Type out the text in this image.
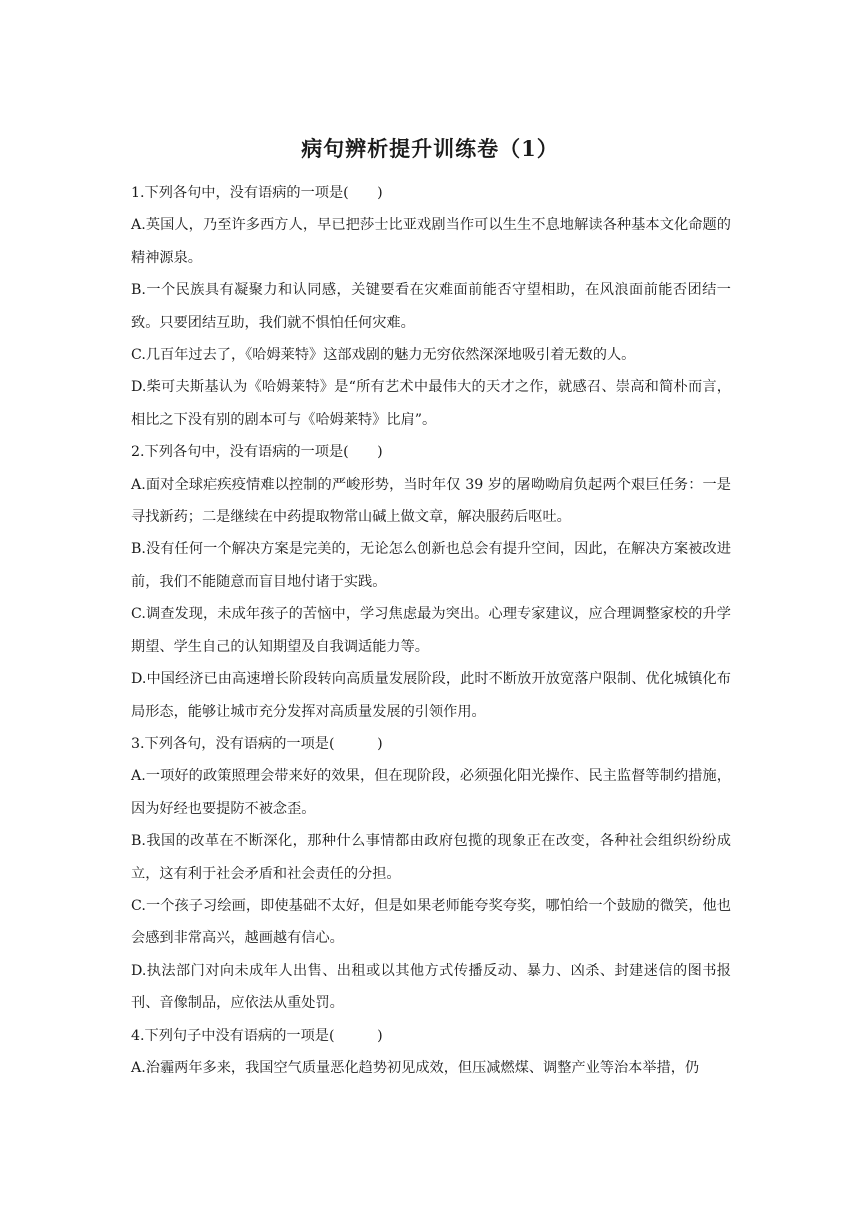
病句辨析提升训练卷（1）

1.下列各句中，没有语病的一项是(　　)

A.英国人，乃至许多西方人，早已把莎士比亚戏剧当作可以生生不息地解读各种基本文化命题的精神源泉。

B.一个民族具有凝聚力和认同感，关键要看在灾难面前能否守望相助，在风浪面前能否团结一致。只要团结互助，我们就不惧怕任何灾难。

C.几百年过去了，《哈姆莱特》这部戏剧的魅力无穷依然深深地吸引着无数的人。

D.柴可夫斯基认为《哈姆莱特》是“所有艺术中最伟大的天才之作，就感召、崇高和简朴而言，相比之下没有别的剧本可与《哈姆莱特》比肩”。

2.下列各句中，没有语病的一项是(　　)

A.面对全球疟疾疫情难以控制的严峻形势，当时年仅 39 岁的屠呦呦肩负起两个艰巨任务：一是寻找新药；二是继续在中药提取物常山碱上做文章，解决服药后呕吐。

B.没有任何一个解决方案是完美的，无论怎么创新也总会有提升空间，因此，在解决方案被改进前，我们不能随意而盲目地付诸于实践。

C.调查发现，未成年孩子的苦恼中，学习焦虑最为突出。心理专家建议，应合理调整家校的升学期望、学生自己的认知期望及自我调适能力等。

D.中国经济已由高速增长阶段转向高质量发展阶段，此时不断放开放宽落户限制、优化城镇化布局形态，能够让城市充分发挥对高质量发展的引领作用。

3.下列各句，没有语病的一项是(　　　)

A.一项好的政策照理会带来好的效果，但在现阶段，必须强化阳光操作、民主监督等制约措施，因为好经也要提防不被念歪。

B.我国的改革在不断深化，那种什么事情都由政府包揽的现象正在改变，各种社会组织纷纷成立，这有利于社会矛盾和社会责任的分担。

C.一个孩子习绘画，即使基础不太好，但是如果老师能夸奖夸奖，哪怕给一个鼓励的微笑，他也会感到非常高兴，越画越有信心。

D.执法部门对向未成年人出售、出租或以其他方式传播反动、暴力、凶杀、封建迷信的图书报刊、音像制品，应依法从重处罚。

4.下列句子中没有语病的一项是(　　　)

A.治霾两年多来，我国空气质量恶化趋势初见成效，但压减燃煤、调整产业等治本举措，仍
